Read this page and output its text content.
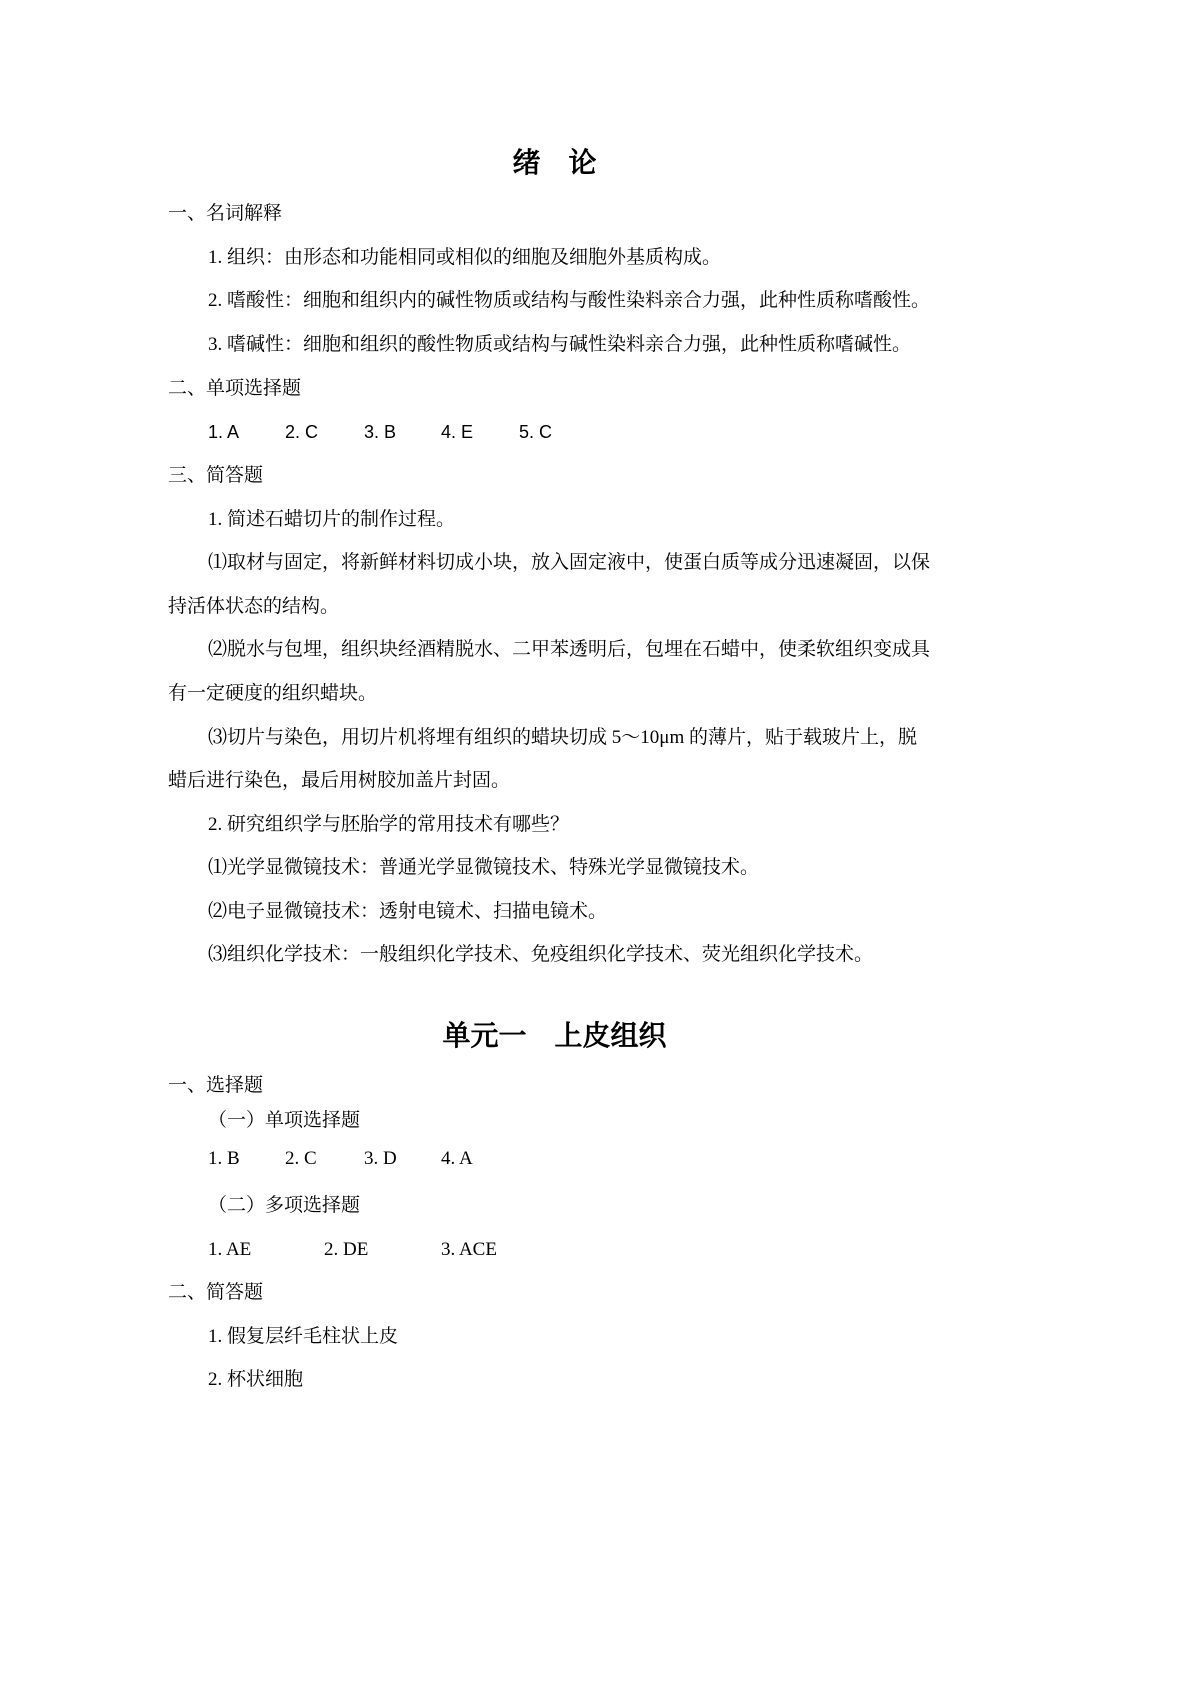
绪　论
一、名词解释
1. 组织：由形态和功能相同或相似的细胞及细胞外基质构成。
2. 嗜酸性：细胞和组织内的碱性物质或结构与酸性染料亲合力强，此种性质称嗜酸性。
3. 嗜碱性：细胞和组织的酸性物质或结构与碱性染料亲合力强，此种性质称嗜碱性。
二、单项选择题
1. A	2. C	3. B 4. E	5. C
三、简答题
1. 简述石蜡切片的制作过程。
⑴取材与固定，将新鲜材料切成小块，放入固定液中，使蛋白质等成分迅速凝固，以保
持活体状态的结构。
⑵脱水与包埋，组织块经酒精脱水、二甲苯透明后，包埋在石蜡中，使柔软组织变成具
有一定硬度的组织蜡块。
⑶切片与染色，用切片机将埋有组织的蜡块切成 5～10μm 的薄片，贴于载玻片上，脱
蜡后进行染色，最后用树胶加盖片封固。
2. 研究组织学与胚胎学的常用技术有哪些？
⑴光学显微镜技术：普通光学显微镜技术、特殊光学显微镜技术。
⑵电子显微镜技术：透射电镜术、扫描电镜术。
⑶组织化学技术：一般组织化学技术、免疫组织化学技术、荧光组织化学技术。
单元一　上皮组织
一、选择题
（一）单项选择题
1. B 2. C 3. D 4. A
（二）多项选择题
1. AE	2. DE	3. ACE
二、简答题
1. 假复层纤毛柱状上皮
2. 杯状细胞
